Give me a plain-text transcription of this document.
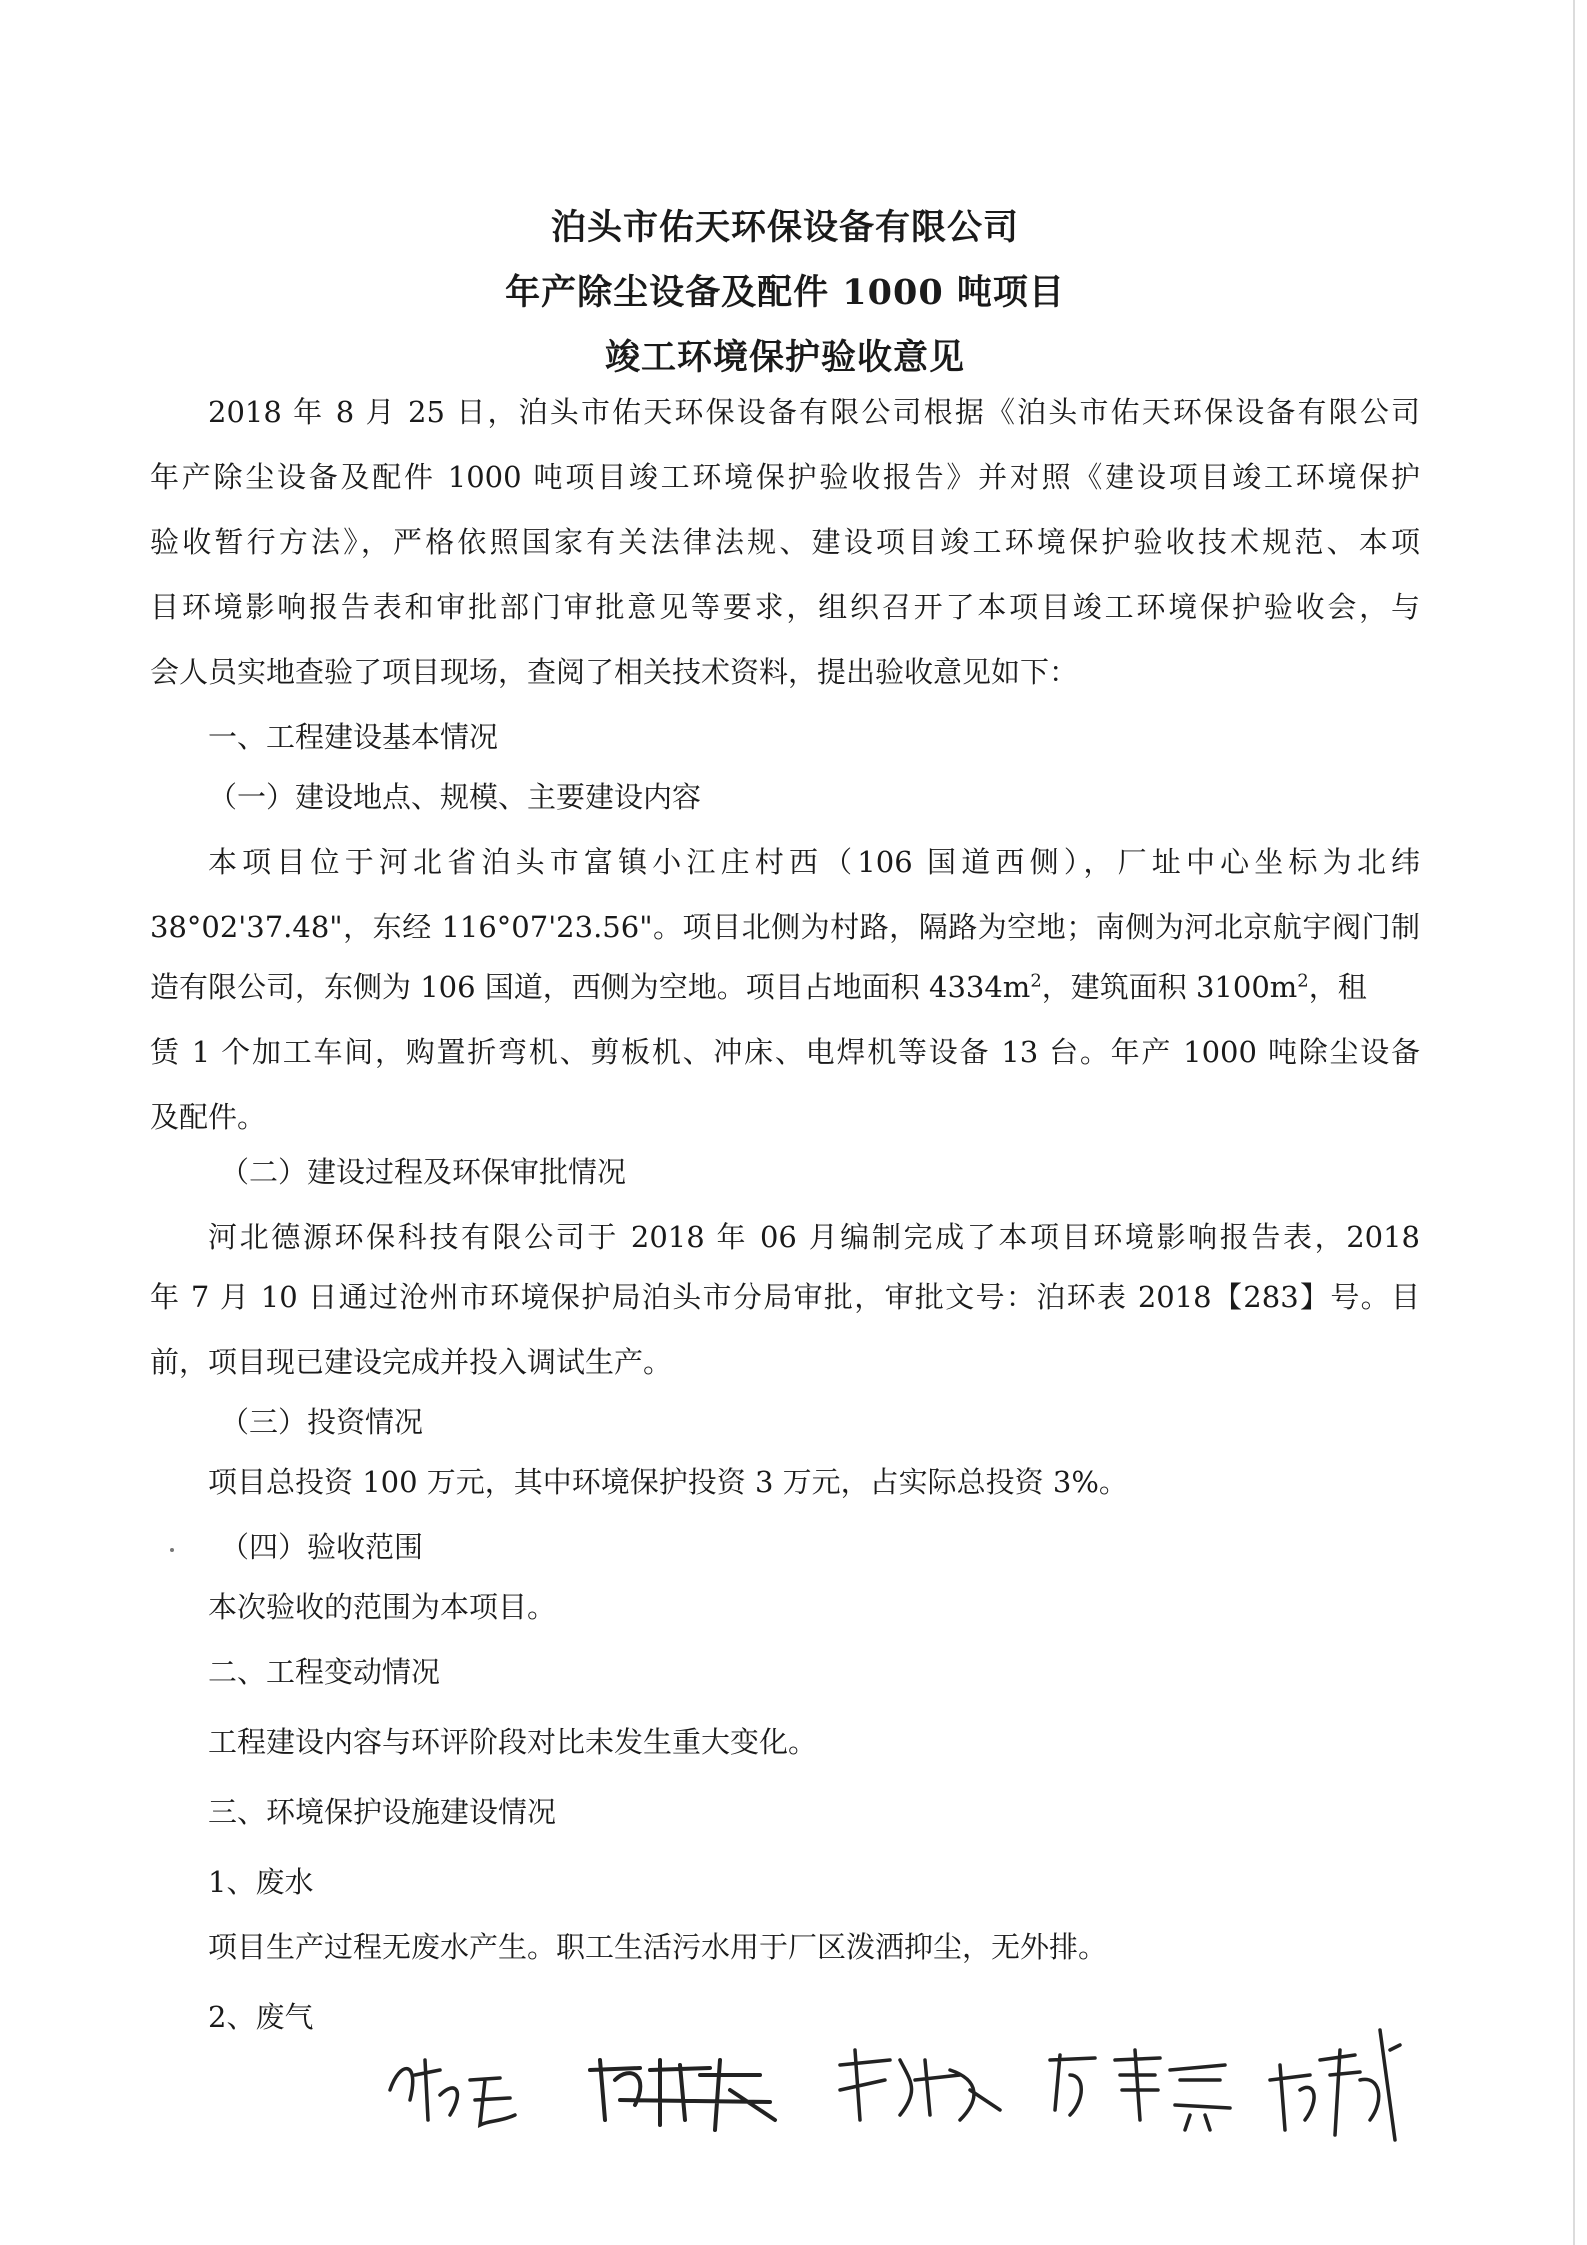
泊头市佑天环保设备有限公司
年产除尘设备及配件 1000 吨项目
竣工环境保护验收意见
2018 年 8 月 25 日，泊头市佑天环保设备有限公司根据《泊头市佑天环保设备有限公司
年产除尘设备及配件 1000 吨项目竣工环境保护验收报告》并对照《建设项目竣工环境保护
验收暂行方法》，严格依照国家有关法律法规、建设项目竣工环境保护验收技术规范、本项
目环境影响报告表和审批部门审批意见等要求，组织召开了本项目竣工环境保护验收会，与
会人员实地查验了项目现场，查阅了相关技术资料，提出验收意见如下：
一、工程建设基本情况
（一）建设地点、规模、主要建设内容
本项目位于河北省泊头市富镇小江庄村西（106 国道西侧），厂址中心坐标为北纬
38°02'37.48"，东经 116°07'23.56"。项目北侧为村路，隔路为空地；南侧为河北京航宇阀门制
造有限公司，东侧为 106 国道，西侧为空地。项目占地面积 $4334m^2$，建筑面积 $3100m^2$，租
赁 1 个加工车间，购置折弯机、剪板机、冲床、电焊机等设备 13 台。年产 1000 吨除尘设备
及配件。
（二）建设过程及环保审批情况
河北德源环保科技有限公司于 2018 年 06 月编制完成了本项目环境影响报告表，2018
年 7 月 10 日通过沧州市环境保护局泊头市分局审批，审批文号：泊环表 2018【283】号。目
前，项目现已建设完成并投入调试生产。
（三）投资情况
项目总投资 100 万元，其中环境保护投资 3 万元，占实际总投资 3%。
（四）验收范围
本次验收的范围为本项目。
二、工程变动情况
工程建设内容与环评阶段对比未发生重大变化。
三、环境保护设施建设情况
1、废水
项目生产过程无废水产生。职工生活污水用于厂区泼洒抑尘，无外排。
2、废气
